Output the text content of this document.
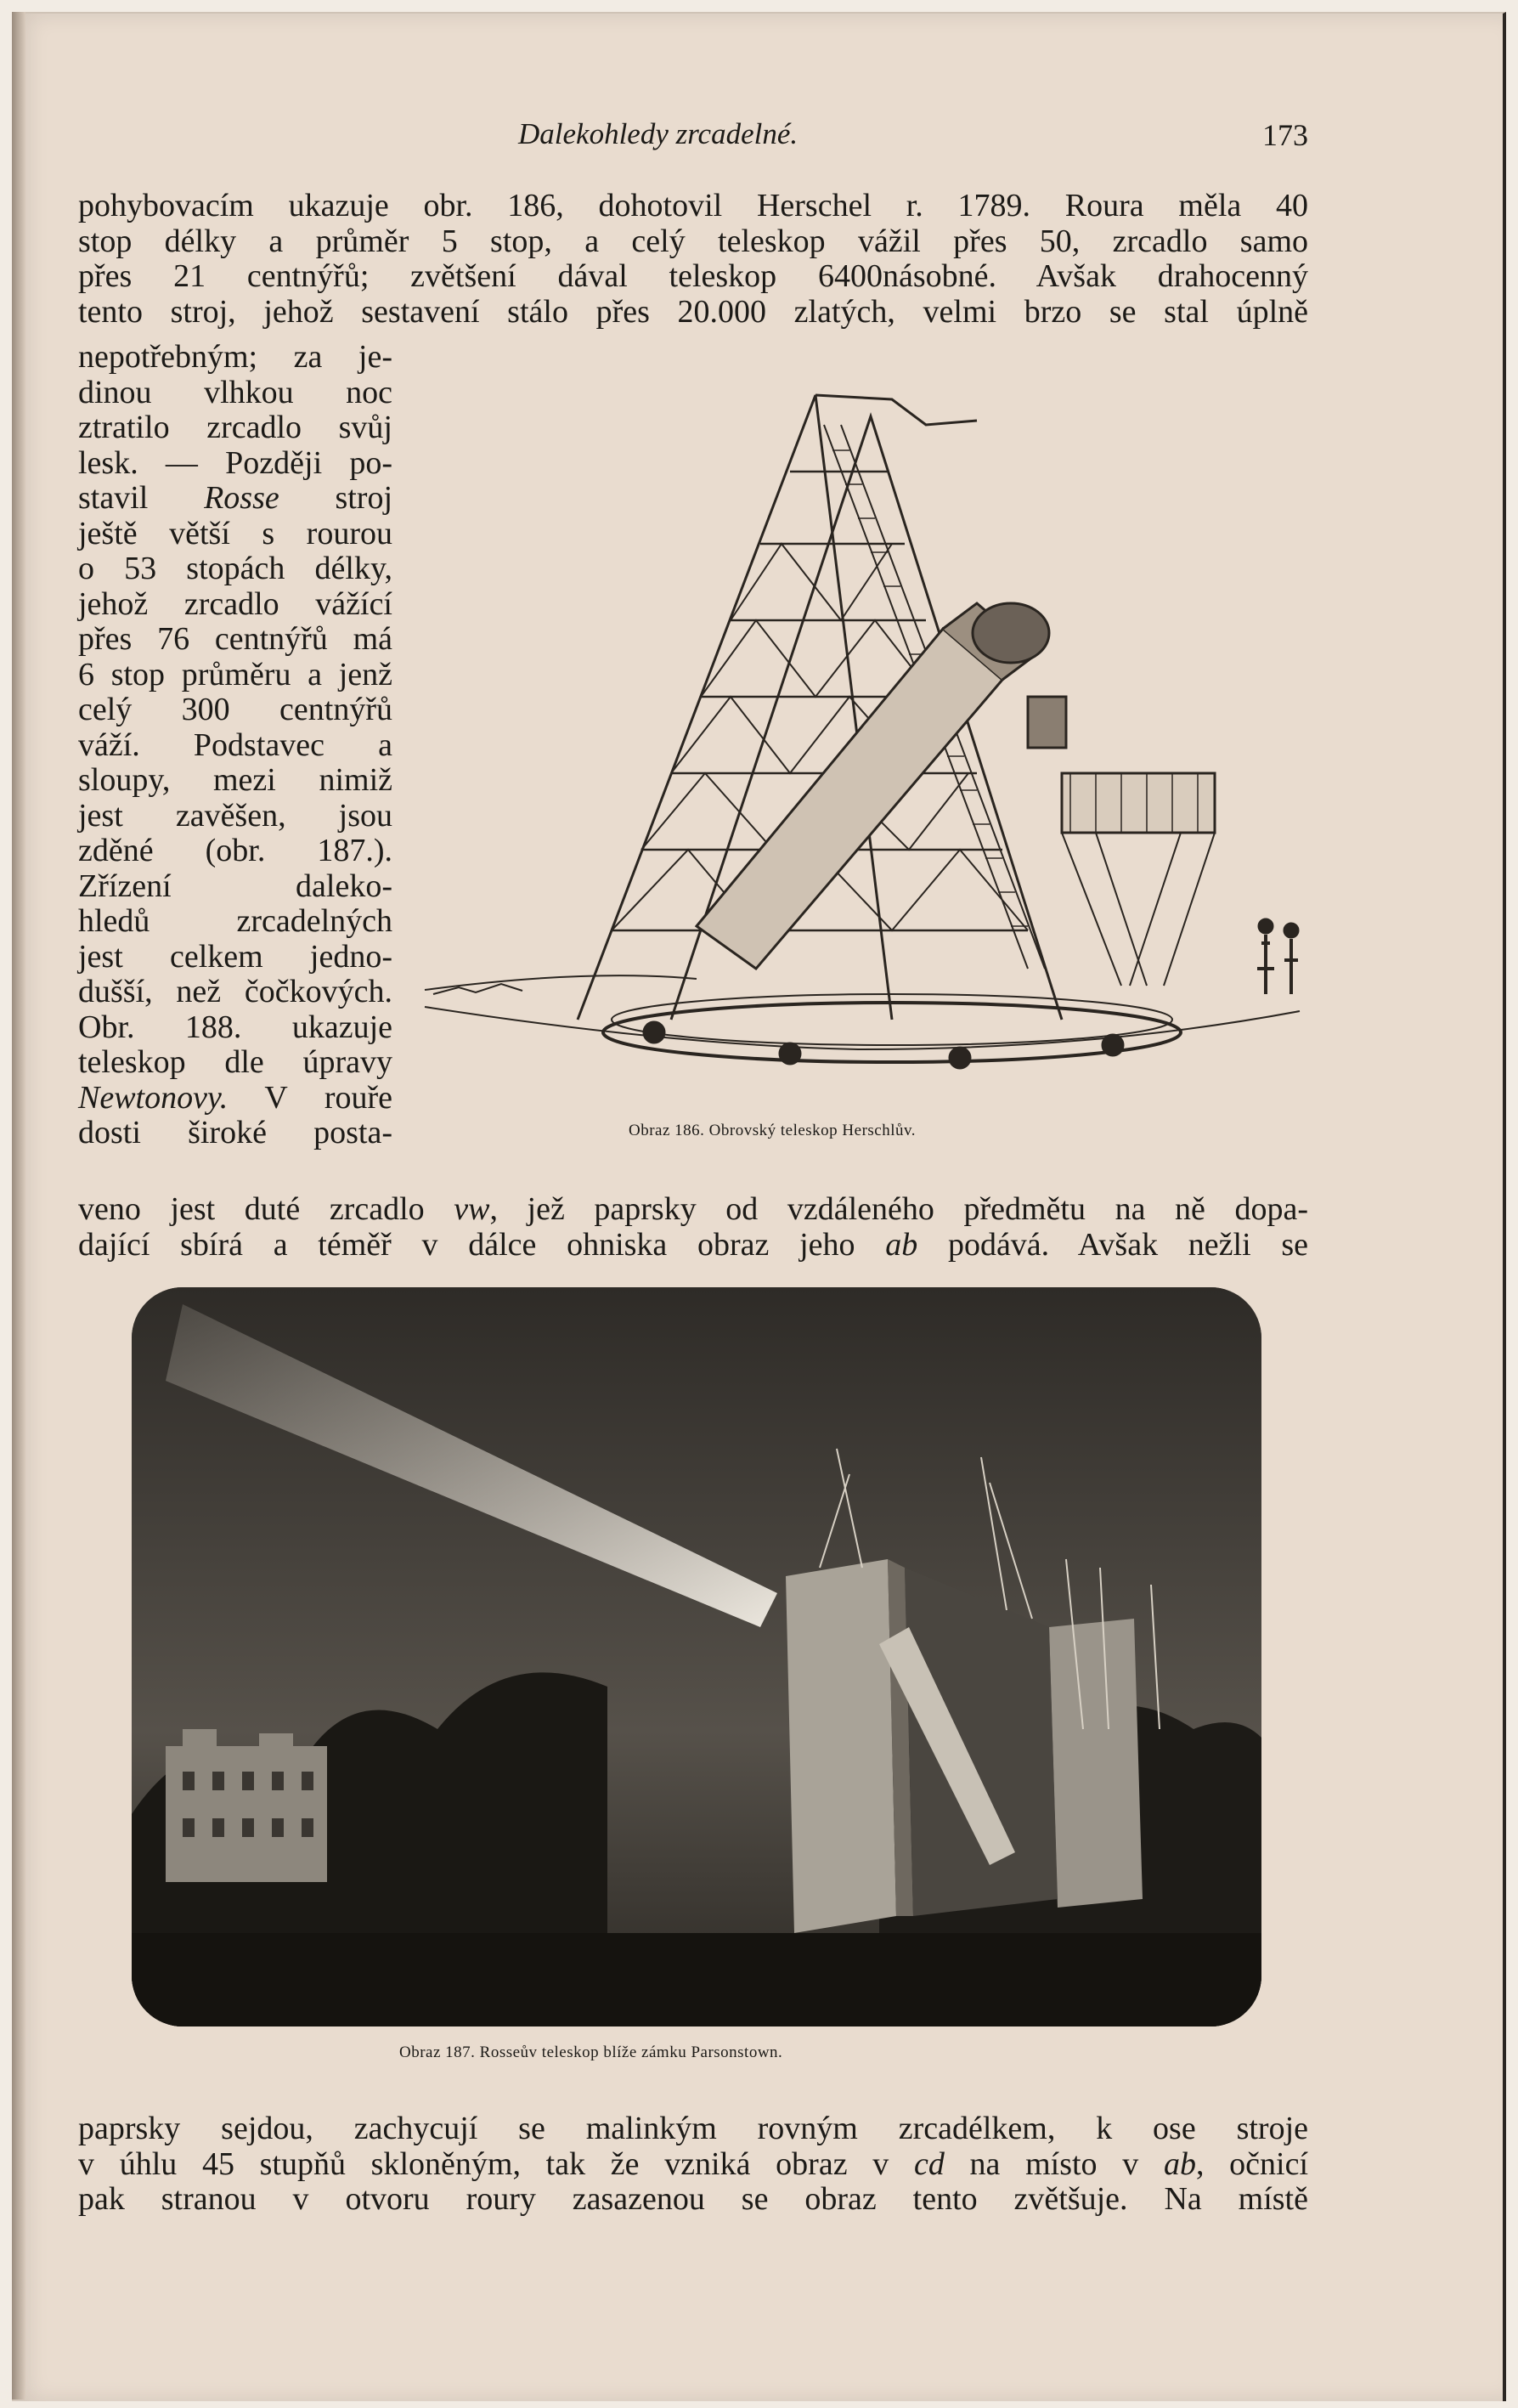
Dalekohledy zrcadelné.	173
pohybovacím ukazuje obr. 186, dohotovil Herschel r. 1789. Roura měla 40
stop délky a průměr 5 stop, a celý teleskop vážil přes 50, zrcadlo samo
přes 21 centnýřů; zvětšení dával teleskop 6400násobné. Avšak drahocenný
tento stroj, jehož sestavení stálo přes 20.000 zlatých, velmi brzo se stal úplně
nepotřebným; za je-
dinou vlhkou noc
ztratilo zrcadlo svůj
lesk. — Později po-
stavil Rosse stroj
ještě větší s rourou
o 53 stopách délky,
jehož zrcadlo vážící
přes 76 centnýřů má
6 stop průměru a jenž
celý 300 centnýřů
váží. Podstavec a
sloupy, mezi nimiž
jest zavěšen, jsou
zděné (obr. 187.).
Zřízení daleko-
hledů zrcadelných
jest celkem jedno-
dušší, než čočkových.
Obr. 188. ukazuje
teleskop dle úpravy
Newtonovy. V rouře
dosti široké posta-	Obraz 186. Obrovský teleskop Herschlův.
veno jest duté zrcadlo vw, jež paprsky od vzdáleného předmětu na ně dopa-
dající sbírá a téměř v dálce ohniska obraz jeho ab podává. Avšak nežli se
Obraz 187. Rosseův teleskop blíže zámku Parsonstown.
paprsky sejdou, zachycují se malinkým rovným zrcadélkem, k ose stroje
v úhlu 45 stupňů skloněným, tak že vzniká obraz v cd na místo v ab, očnicí
pak stranou v otvoru roury zasazenou se obraz tento zvětšuje. Na místě
